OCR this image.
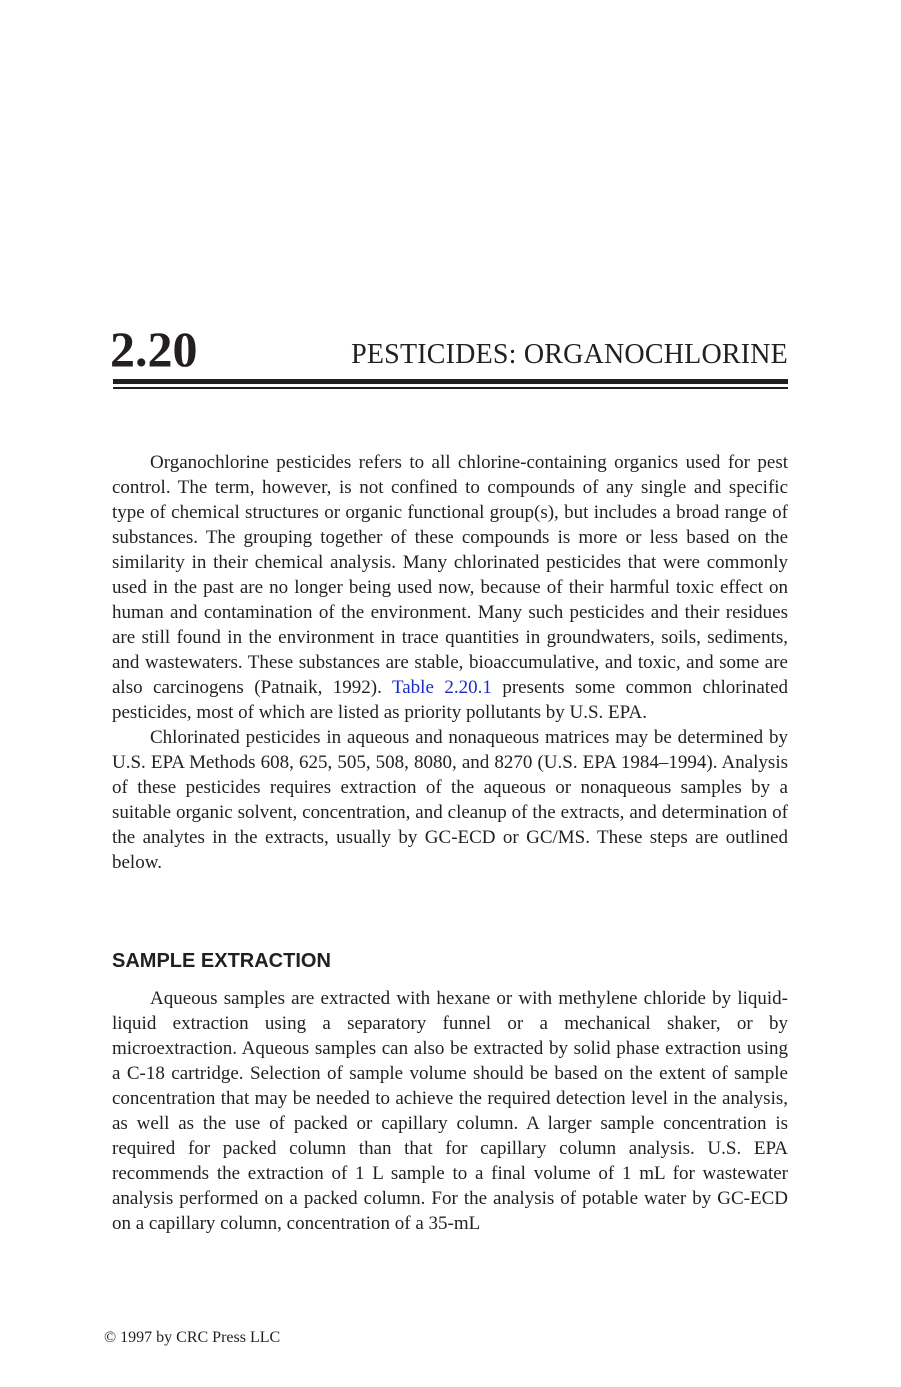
2.20	PESTICIDES: ORGANOCHLORINE

Organochlorine pesticides refers to all chlorine-containing organics used for pest control. The term, however, is not confined to compounds of any single and specific type of chemical structures or organic functional group(s), but includes a broad range of substances. The grouping together of these compounds is more or less based on the similarity in their chemical analysis. Many chlorinated pesticides that were commonly used in the past are no longer being used now, because of their harmful toxic effect on human and contamination of the environment. Many such pesticides and their residues are still found in the environment in trace quantities in groundwaters, soils, sediments, and wastewaters. These substances are stable, bioaccumulative, and toxic, and some are also carcinogens (Patnaik, 1992). Table 2.20.1 presents some common chlorinated pesticides, most of which are listed as priority pollutants by U.S. EPA.

Chlorinated pesticides in aqueous and nonaqueous matrices may be determined by U.S. EPA Methods 608, 625, 505, 508, 8080, and 8270 (U.S. EPA 1984–1994). Analysis of these pesticides requires extraction of the aqueous or nonaqueous samples by a suitable organic solvent, concentration, and cleanup of the extracts, and determination of the analytes in the extracts, usually by GC-ECD or GC/MS. These steps are outlined below.

SAMPLE EXTRACTION

Aqueous samples are extracted with hexane or with methylene chloride by liquid-liquid extraction using a separatory funnel or a mechanical shaker, or by microextraction. Aqueous samples can also be extracted by solid phase extraction using a C-18 cartridge. Selection of sample volume should be based on the extent of sample concentration that may be needed to achieve the required detection level in the analysis, as well as the use of packed or capillary column. A larger sample concentration is required for packed column than that for capillary column analysis. U.S. EPA recommends the extraction of 1 L sample to a final volume of 1 mL for wastewater analysis performed on a packed column. For the analysis of potable water by GC-ECD on a capillary column, concentration of a 35-mL

© 1997 by CRC Press LLC
